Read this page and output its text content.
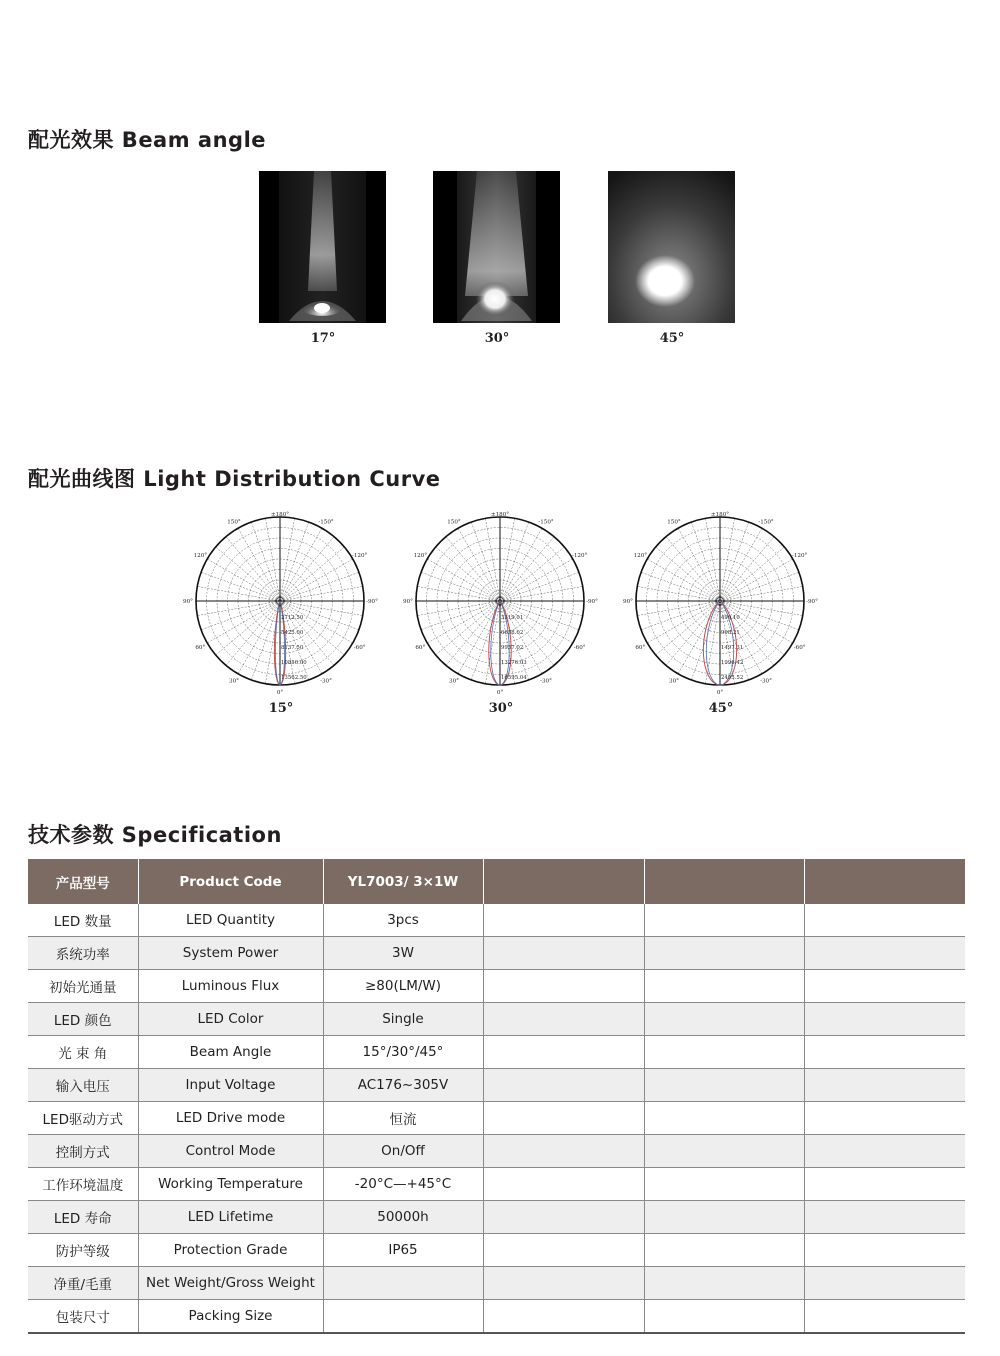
配光效果 Beam angle
17°	30°	45°
配光曲线图 Light Distribution Curve
±180°
-150°
150°
-120°
120°
-90°
90°
-60°
60°
-30°
30°
0°
2712.50
5425.00
8137.50
10850.00
13562.50
±180°
-150°
150°
-120°
120°
-90°
90°
-60°
60°
-30°
30°
0°
3319.01
6638.02
9957.02
13276.03
16595.04
±180°
-150°
150°
-120°
120°
-90°
90°
-60°
60°
-30°
30°
0°
499.10
998.21
1497.31
1996.42
2495.52
15°	30°	45°
技术参数 Specification
产品型号	Product Code	YL7003/ 3×1W			
LED 数量	LED Quantity	3pcs			
系统功率	System Power	3W			
初始光通量	Luminous Flux	≥80(LM/W)			
LED 颜色	LED Color	Single			
光 束 角	Beam Angle	15°/30°/45°			
输入电压	Input Voltage	AC176~305V			
LED驱动方式	LED Drive mode	恒流			
控制方式	Control Mode	On/Off			
工作环境温度	Working Temperature	-20°C—+45°C			
LED 寿命	LED Lifetime	50000h			
防护等级	Protection Grade	IP65			
净重/毛重	Net Weight/Gross Weight				
包装尺寸	Packing Size				
